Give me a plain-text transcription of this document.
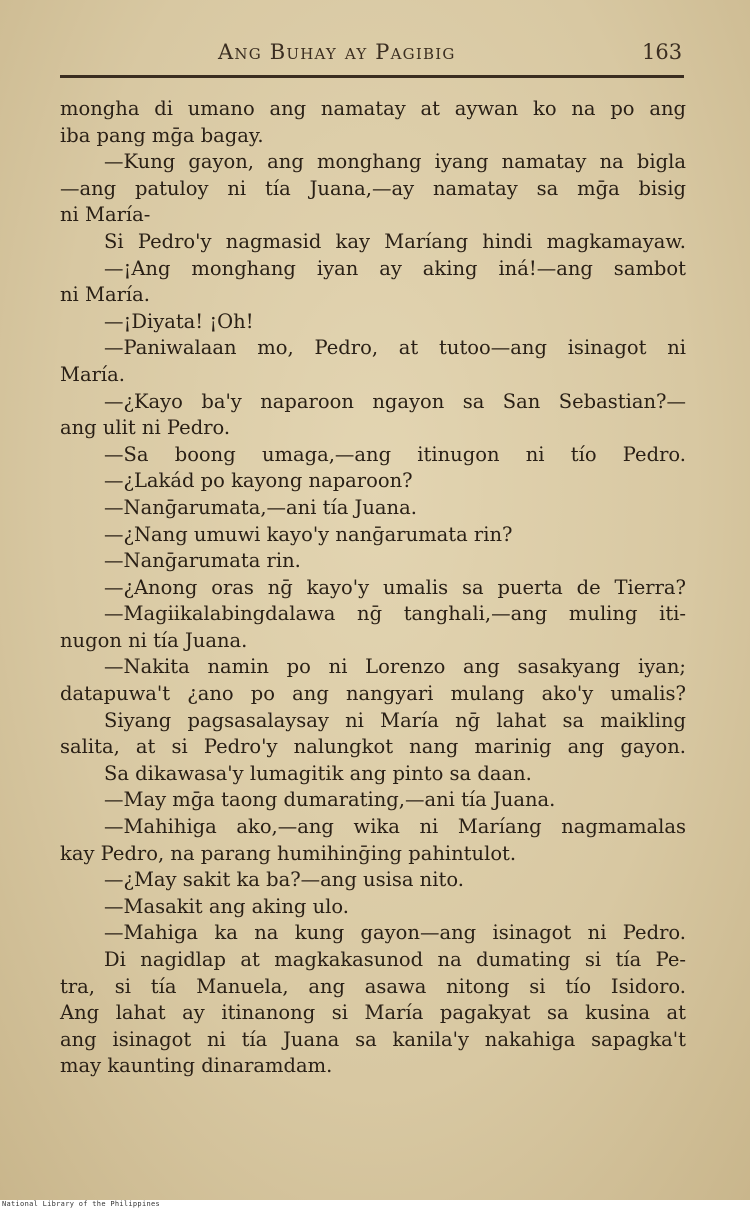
Ang Buhay ay Pagibig	163
mongha di umano ang namatay at aywan ko na po ang
iba pang mḡa bagay.
—Kung gayon, ang monghang iyang namatay na bigla
—ang patuloy ni tía Juana,—ay namatay sa mḡa bisig
ni María-
Si Pedro'y nagmasid kay Maríang hindi magkamayaw.
—¡Ang monghang iyan ay aking iná!—ang sambot
ni María.
—¡Diyata! ¡Oh!
—Paniwalaan mo, Pedro, at tutoo—ang isinagot ni
María.
—¿Kayo ba'y naparoon ngayon sa San Sebastian?—
ang ulit ni Pedro.
—Sa boong umaga,—ang itinugon ni tío Pedro.
—¿Lakád po kayong naparoon?
—Nanḡarumata,—ani tía Juana.
—¿Nang umuwi kayo'y nanḡarumata rin?
—Nanḡarumata rin.
—¿Anong oras nḡ kayo'y umalis sa puerta de Tierra?
—Magiikalabingdalawa nḡ tanghali,—ang muling iti-
nugon ni tía Juana.
—Nakita namin po ni Lorenzo ang sasakyang iyan;
datapuwa't ¿ano po ang nangyari mulang ako'y umalis?
Siyang pagsasalaysay ni María nḡ lahat sa maikling
salita, at si Pedro'y nalungkot nang marinig ang gayon.
Sa dikawasa'y lumagitik ang pinto sa daan.
—May mḡa taong dumarating,—ani tía Juana.
—Mahihiga ako,—ang wika ni Maríang nagmamalas
kay Pedro, na parang humihinḡing pahintulot.
—¿May sakit ka ba?—ang usisa nito.
—Masakit ang aking ulo.
—Mahiga ka na kung gayon—ang isinagot ni Pedro.
Di nagidlap at magkakasunod na dumating si tía Pe-
tra, si tía Manuela, ang asawa nitong si tío Isidoro.
Ang lahat ay itinanong si María pagakyat sa kusina at
ang isinagot ni tía Juana sa kanila'y nakahiga sapagka't
may kaunting dinaramdam.
National Library of the Philippines
